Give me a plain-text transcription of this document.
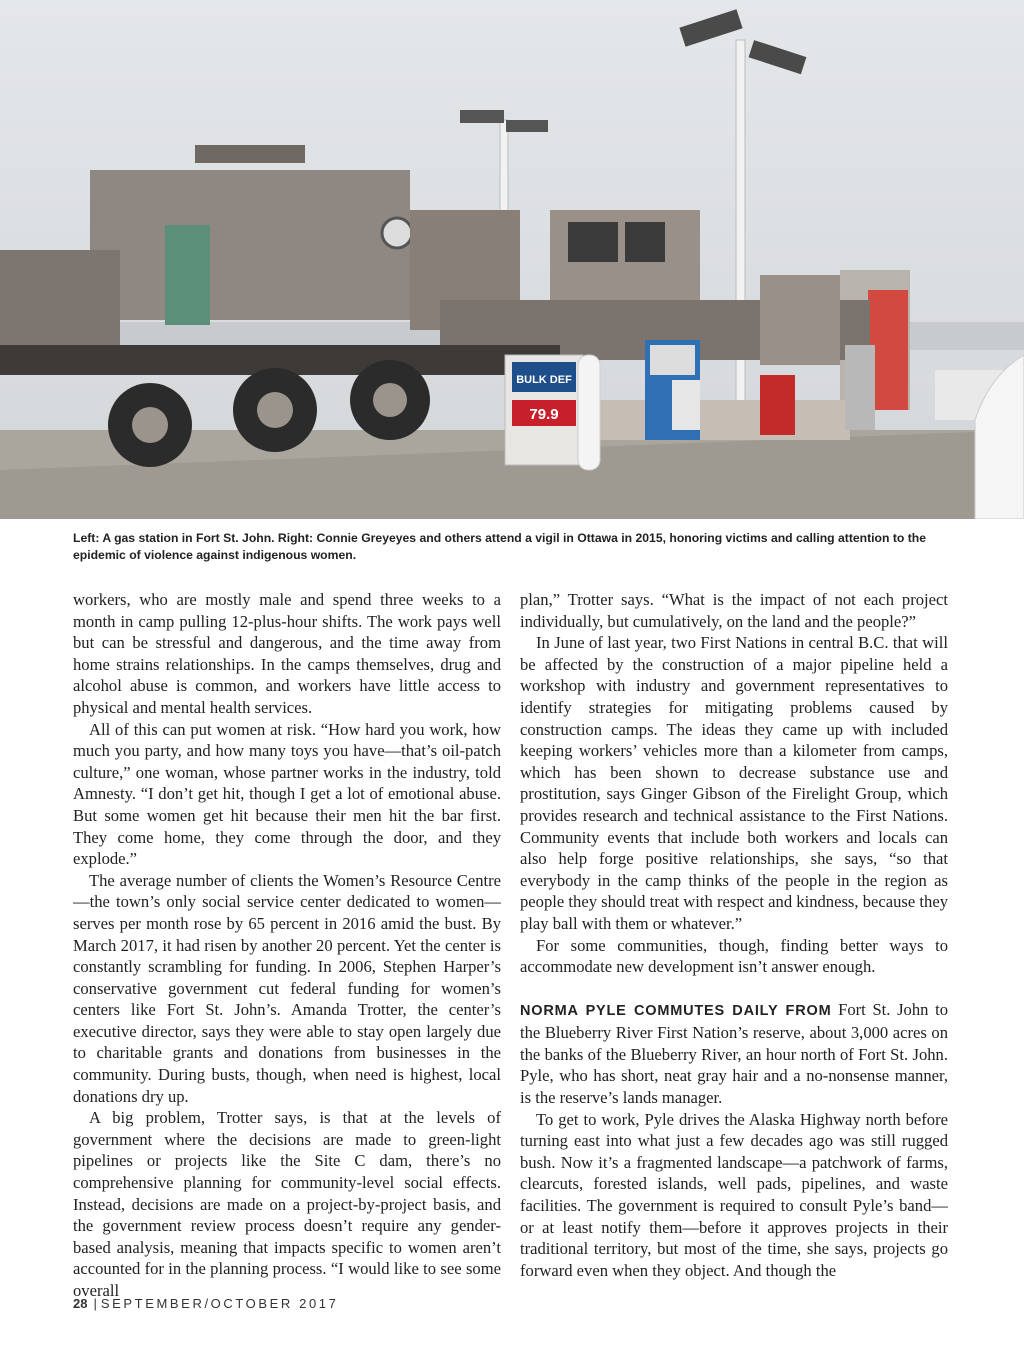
BULK DEF
79.9
Left: A gas station in Fort St. John. Right: Connie Greyeyes and others attend a vigil in Ottawa in 2015, honoring victims and calling attention to the epidemic of violence against indigenous women.

workers, who are mostly male and spend three weeks to a month in camp pulling 12-plus-hour shifts. The work pays well but can be stressful and dangerous, and the time away from home strains relationships. In the camps themselves, drug and alcohol abuse is common, and workers have little access to physical and mental health services.

All of this can put women at risk. “How hard you work, how much you party, and how many toys you have—that’s oil-patch culture,” one woman, whose partner works in the industry, told Amnesty. “I don’t get hit, though I get a lot of emotional abuse. But some women get hit because their men hit the bar first. They come home, they come through the door, and they explode.”

The average number of clients the Women’s Resource Centre—the town’s only social service center dedicated to women—serves per month rose by 65 percent in 2016 amid the bust. By March 2017, it had risen by another 20 percent. Yet the center is constantly scrambling for funding. In 2006, Stephen Harper’s conservative government cut federal funding for women’s centers like Fort St. John’s. Amanda Trotter, the center’s executive director, says they were able to stay open largely due to charitable grants and donations from businesses in the community. During busts, though, when need is highest, local donations dry up.

A big problem, Trotter says, is that at the levels of government where the decisions are made to green-light pipelines or projects like the Site C dam, there’s no comprehensive planning for community-level social effects. Instead, decisions are made on a project-by-project basis, and the government review process doesn’t require any gender-based analysis, meaning that impacts specific to women aren’t accounted for in the planning process. “I would like to see some overall

plan,” Trotter says. “What is the impact of not each project individually, but cumulatively, on the land and the people?”

In June of last year, two First Nations in central B.C. that will be affected by the construction of a major pipeline held a workshop with industry and government representatives to identify strategies for mitigating problems caused by construction camps. The ideas they came up with included keeping workers’ vehicles more than a kilometer from camps, which has been shown to decrease substance use and prostitution, says Ginger Gibson of the Firelight Group, which provides research and technical assistance to the First Nations. Community events that include both workers and locals can also help forge positive relationships, she says, “so that everybody in the camp thinks of the people in the region as people they should treat with respect and kindness, because they play ball with them or whatever.”

For some communities, though, finding better ways to accommodate new development isn’t answer enough.

NORMA PYLE COMMUTES DAILY FROM Fort St. John to the Blueberry River First Nation’s reserve, about 3,000 acres on the banks of the Blueberry River, an hour north of Fort St. John. Pyle, who has short, neat gray hair and a no-nonsense manner, is the reserve’s lands manager.

To get to work, Pyle drives the Alaska Highway north before turning east into what just a few decades ago was still rugged bush. Now it’s a fragmented landscape—a patchwork of farms, clearcuts, forested islands, well pads, pipelines, and waste facilities. The government is required to consult Pyle’s band—or at least notify them—before it approves projects in their traditional territory, but most of the time, she says, projects go forward even when they object. And though the

28 | SEPTEMBER/OCTOBER 2017
